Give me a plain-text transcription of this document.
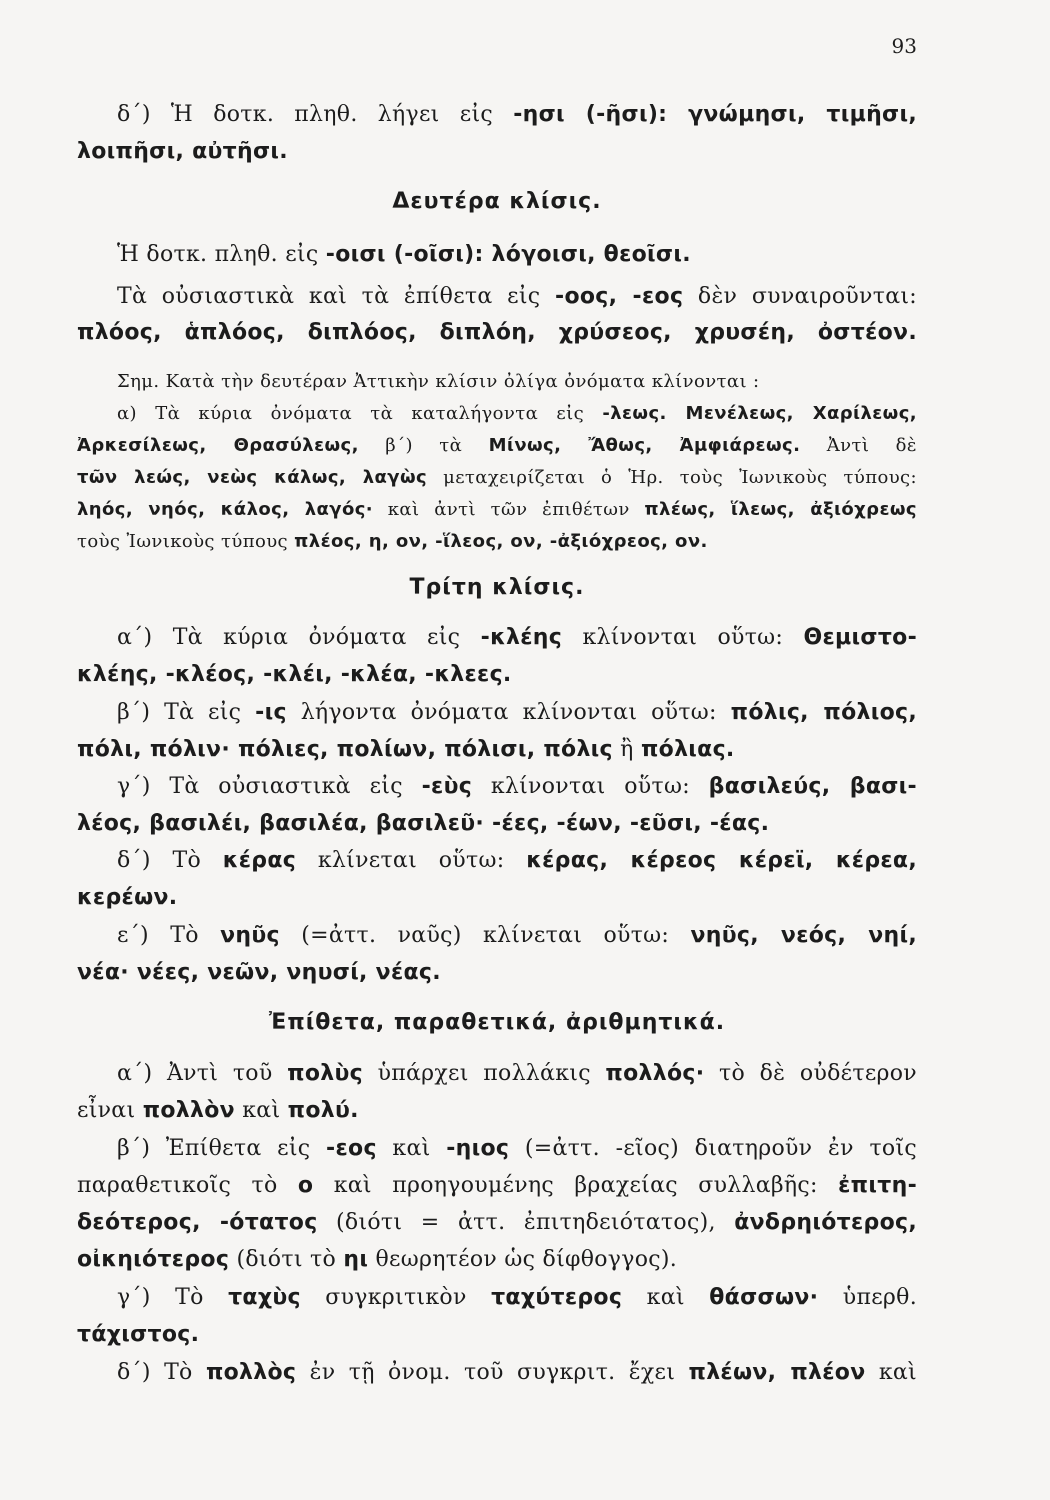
93
δ΄) Ἡ δοτκ. πληθ. λήγει εἰς -ησι (-ῆσι): γνώμησι, τιμῆσι,
λοιπῆσι, αὐτῆσι.
Δευτέρα κλίσις.
Ἡ δοτκ. πληθ. εἰς -οισι (-οῖσι): λόγοισι, θεοῖσι.
Τὰ οὐσιαστικὰ καὶ τὰ ἐπίθετα εἰς -οος, -εος δὲν συναιροῦνται:
πλόος, ἁπλόος, διπλόος, διπλόη, χρύσεος, χρυσέη, ὀστέον.
Σημ. Κατὰ τὴν δευτέραν Ἀττικὴν κλίσιν ὀλίγα ὀνόματα κλίνονται :
α) Τὰ κύρια ὀνόματα τὰ καταλήγοντα εἰς -λεως. Μενέλεως, Χαρίλεως,
Ἀρκεσίλεως, Θρασύλεως, β΄) τὰ Μίνως, Ἄθως, Ἀμφιάρεως. Ἀντὶ δὲ
τῶν λεώς, νεὼς κάλως, λαγὼς μεταχειρίζεται ὁ Ἡρ. τοὺς Ἰωνικοὺς τύπους:
ληός, νηός, κάλος, λαγός· καὶ ἀντὶ τῶν ἐπιθέτων πλέως, ἵλεως, ἀξιόχρεως
τοὺς Ἰωνικοὺς τύπους πλέος, η, ον, -ἵλεος, ον, -ἀξιόχρεος, ον.
Τρίτη κλίσις.
α΄) Τὰ κύρια ὀνόματα εἰς -κλέης κλίνονται οὕτω: Θεμιστο-
κλέης, -κλέος, -κλέι, -κλέα, -κλεες.
β΄) Τὰ εἰς -ις λήγοντα ὀνόματα κλίνονται οὕτω: πόλις, πόλιος,
πόλι, πόλιν· πόλιες, πολίων, πόλισι, πόλις ἢ πόλιας.
γ΄) Τὰ οὐσιαστικὰ εἰς -εὺς κλίνονται οὕτω: βασιλεύς, βασι-
λέος, βασιλέι, βασιλέα, βασιλεῦ· -έες, -έων, -εῦσι, -έας.
δ΄) Τὸ κέρας κλίνεται οὕτω: κέρας, κέρεος κέρεϊ, κέρεα,
κερέων.
ε΄) Τὸ νηῦς (=ἀττ. ναῦς) κλίνεται οὕτω: νηῦς, νεός, νηί,
νέα· νέες, νεῶν, νηυσί, νέας.
Ἐπίθετα, παραθετικά, ἀριθμητικά.
α΄) Ἀντὶ τοῦ πολὺς ὑπάρχει πολλάκις πολλός· τὸ δὲ οὐδέτερον
εἶναι πολλὸν καὶ πολύ.
β΄) Ἐπίθετα εἰς -εος καὶ -ηιος (=ἀττ. -εῖος) διατηροῦν ἐν τοῖς
παραθετικοῖς τὸ ο καὶ προηγουμένης βραχείας συλλαβῆς: ἐπιτη-
δεότερος, -ότατος (διότι = ἀττ. ἐπιτηδειότατος), ἀνδρηιότερος,
οἰκηιότερος (διότι τὸ ηι θεωρητέον ὡς δίφθογγος).
γ΄) Τὸ ταχὺς συγκριτικὸν ταχύτερος καὶ θάσσων· ὑπερθ.
τάχιστος.
δ΄) Τὸ πολλὸς ἐν τῇ ὀνομ. τοῦ συγκριτ. ἔχει πλέων, πλέον καὶ
